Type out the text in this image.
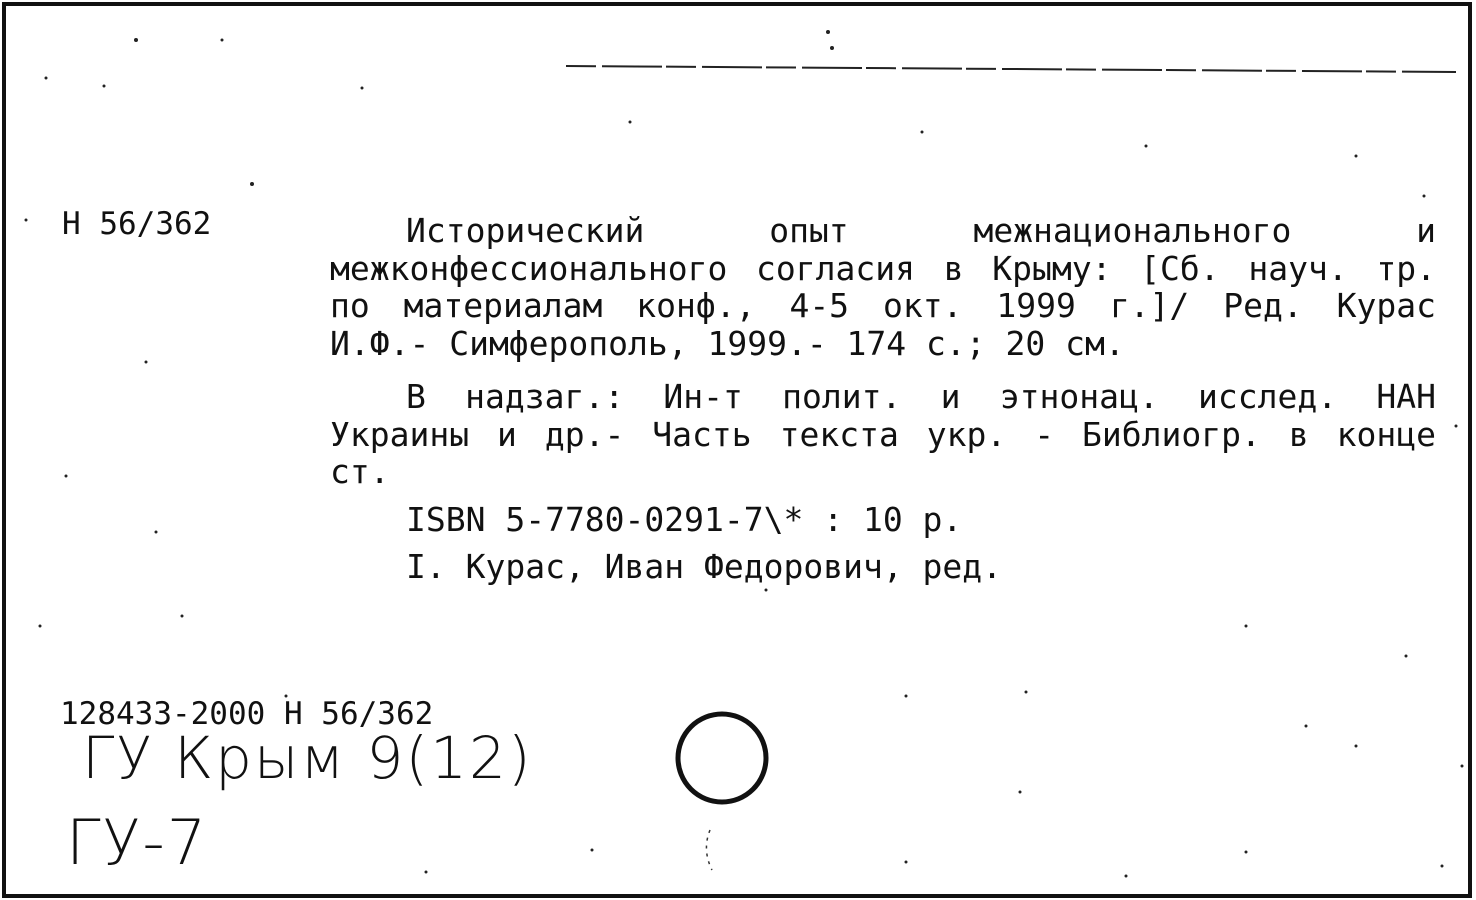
Н 56/362	Исторический опыт межнационального и межконфессионального согласия в Крыму: [Сб. науч. тр. по материалам конф., 4-5 окт. 1999 г.]/ Ред. Курас И.Ф.- Симферополь, 1999.- 174 с.; 20 см.

В надзаг.: Ин-т полит. и этнонац. исслед. НАН Украины и др.- Часть текста укр. - Библиогр. в конце ст.

ISBN 5-7780-0291-7\* : 10 р.

I. Курас, Иван Федорович, ред.

128433-2000 Н 56/362
ГУ Крым 9(12)
ГУ-7
